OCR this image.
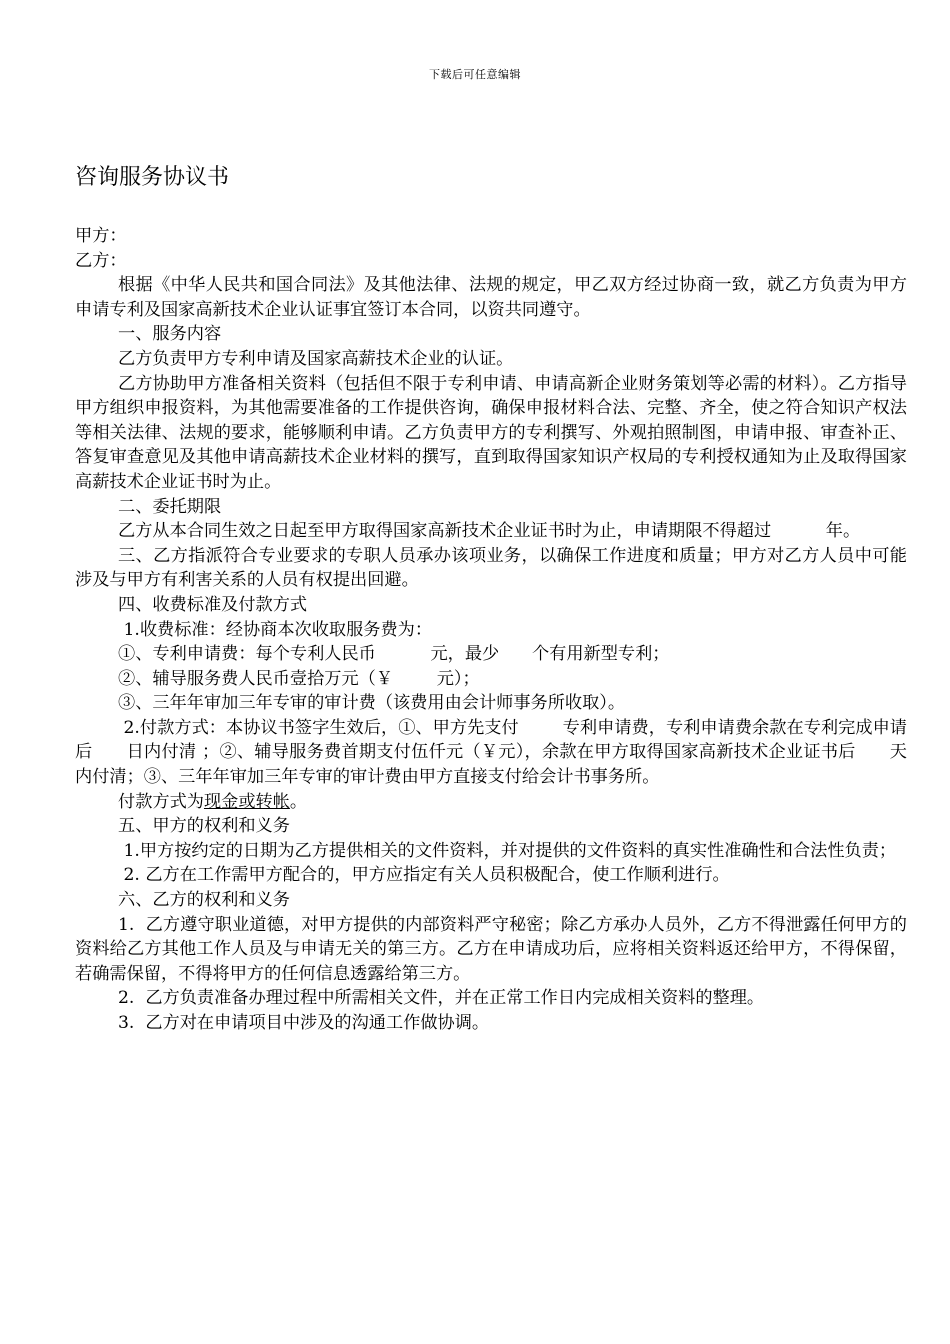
下载后可任意编辑
咨询服务协议书

甲方：

乙方：

根据《中华人民共和国合同法》及其他法律、法规的规定，甲乙双方经过协商一致，就乙方负责为甲方申请专利及国家高新技术企业认证事宜签订本合同，以资共同遵守。

一、服务内容

乙方负责甲方专利申请及国家高薪技术企业的认证。

乙方协助甲方准备相关资料（包括但不限于专利申请、申请高新企业财务策划等必需的材料）。乙方指导甲方组织申报资料，为其他需要准备的工作提供咨询，确保申报材料合法、完整、齐全，使之符合知识产权法等相关法律、法规的要求，能够顺利申请。乙方负责甲方的专利撰写、外观拍照制图，申请申报、审查补正、答复审查意见及其他申请高薪技术企业材料的撰写，直到取得国家知识产权局的专利授权通知为止及取得国家高薪技术企业证书时为止。

二、委托期限

乙方从本合同生效之日起至甲方取得国家高新技术企业证书时为止，申请期限不得超过          年。

三、乙方指派符合专业要求的专职人员承办该项业务，以确保工作进度和质量；甲方对乙方人员中可能涉及与甲方有利害关系的人员有权提出回避。

四、收费标准及付款方式

1.收费标准：经协商本次收取服务费为：

①、专利申请费：每个专利人民币          元，最少      个有用新型专利；

②、辅导服务费人民币壹拾万元（￥        元）；

③、三年年审加三年专审的审计费（该费用由会计师事务所收取）。

2.付款方式：本协议书签字生效后，①、甲方先支付        专利申请费，专利申请费余款在专利完成申请后      日内付清 ；②、辅导服务费首期支付伍仟元（￥元），余款在甲方取得国家高新技术企业证书后      天内付清；③、三年年审加三年专审的审计费由甲方直接支付给会计书事务所。

付款方式为现金或转帐。

五、甲方的权利和义务

1.甲方按约定的日期为乙方提供相关的文件资料，并对提供的文件资料的真实性准确性和合法性负责；

2. 乙方在工作需甲方配合的，甲方应指定有关人员积极配合，使工作顺利进行。

六、乙方的权利和义务

1.  乙方遵守职业道德，对甲方提供的内部资料严守秘密；除乙方承办人员外，乙方不得泄露任何甲方的资料给乙方其他工作人员及与申请无关的第三方。乙方在申请成功后，应将相关资料返还给甲方，不得保留，若确需保留，不得将甲方的任何信息透露给第三方。

2.  乙方负责准备办理过程中所需相关文件，并在正常工作日内完成相关资料的整理。

3.  乙方对在申请项目中涉及的沟通工作做协调。
